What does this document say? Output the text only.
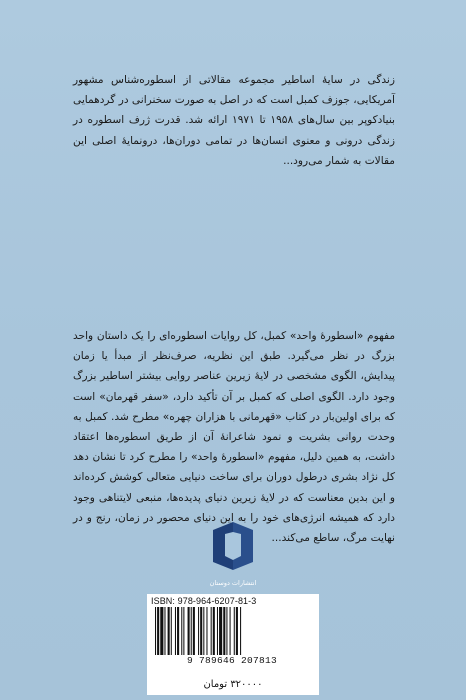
زندگی در سایهٔ اساطیر مجموعه مقالاتی از اسطوره‌شناس مشهور آمریکایی، جوزف کمبل است که در اصل به صورت سخنرانی در گردهمایی بنیادکوپر بین سال‌های ۱۹۵۸ تا ۱۹۷۱ ارائه شد. قدرت ژرف اسطوره در زندگی درونی و معنوی انسان‌ها در تمامی دوران‌ها، درونمایهٔ اصلی این مقالات به شمار می‌رود...

مفهوم «اسطورهٔ واحد» کمبل، کل روایات اسطوره‌ای را یک داستان واحد بزرگ در نظر می‌گیرد. طبق این نظریه، صرف‌نظر از مبدأ یا زمان پیدایش، الگوی مشخصی در لایهٔ زیرین عناصر روایی بیشتر اساطیر بزرگ وجود دارد. الگوی اصلی که کمبل بر آن تأکید دارد، «سفر قهرمان» است که برای اولین‌بار در کتاب «قهرمانی با هزاران چهره» مطرح شد. کمبل به وحدت روانی بشریت و نمود شاعرانهٔ آن از طریق اسطوره‌ها اعتقاد داشت، به همین دلیل، مفهوم «اسطورهٔ واحد» را مطرح کرد تا نشان دهد کل نژاد بشری درطول دوران برای ساخت دنیایی متعالی کوشش کرده‌اند و این بدین معناست که در لایهٔ زیرین دنیای پدیده‌ها، منبعی لایتناهی وجود دارد که همیشه انرژی‌های خود را به این دنیای محصور در زمان، رنج و در نهایت مرگ، ساطع می‌کند...

انتشارات دوستان
ISBN: 978-964-6207-81-3
9 789646 207813
۳۲۰۰۰۰ تومان
